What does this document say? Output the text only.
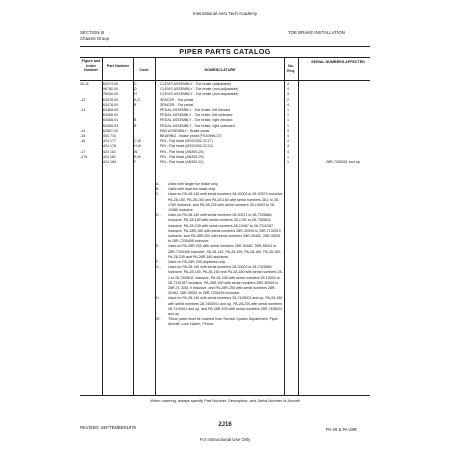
International Aero Tech Academy
SECTION III
Chassis Group
TOE BRAKE INSTALLATION
PIPER PARTS CATALOG
Figure and Index Number
Part Number
Code	NOMENCLATURE
No. Req.
SERIAL NUMBERS AFFECTED
40-11	63474-00	C	CLEVIS ASSEMBLY - Toe brake (adjustable)	4
96780-00	D	CLEVIS ASSEMBLY - Toe brake (non-adjustable)	4
78430-00	H	CLEVIS ASSEMBLY - Toe brake (non-adjustable)	4
-12	63478-00	A,G	SPACER - Toe pedal	2
63478-00	B	SPACER - Toe pedal	4
-13	63465-00	PEDAL ASSEMBLY - Toe brake, left inboard	1
63465-02	PEDAL ASSEMBLY - Toe brake, left outboard	1
63465-01	B	PEDAL ASSEMBLY - Toe brake, right inboard	1
63465-03	B	PEDAL ASSEMBLY - Toe brake, right outboard	1
-14	62667-02	PAD ASSEMBLY - Brake pedal	4
-15	453 714	BEARING - Brake pedal (FS10966-37)	4
-16	424 177	C,W	PIN - Flat head (MS20392-2C17)	4
424 176	H,W	PIN - Flat head (MS20392-2C13)	4
-17	424 181	W	PIN - Flat head (AN393-25)	4
-17a	424 181	E,W	PIN - Flat head (AN393-25)	1
424 184	F	PIN - Flat head (AN393-31)	1	28R-7435001 and up
A - Used with single toe brake only.
B - Used with dual toe brake only.
C - Used on PA-28-140 with serial numbers 28-20002 to 28-20370 inclusive, PA-28-150, PA-28-160 and PA-28-180 with serial numbers 28-1 to 28-1760 inclusive, and PA-28-235 with serial numbers 28-10003 to 28-10486 inclusive.
D - Used on PA-28-140 with serial numbers 28-20371 to 28-7325684 inclusive, PA-28-180 with serial numbers 28-1761 to 28-7305611 inclusive, PA-28-235 with serial numbers 28-10487 to 28-7310187 inclusive, PA-28R-180 with serial numbers 28R-30005 to 28R-7130019 inclusive, and PA-28R-200 with serial numbers 28R-30482, 28R-35001 to 28R-7335455 inclusive.
E - Used on PA-28R-200 with serial numbers 28R-30482, 28R-35001 to 28R-7335455 inclusive, PA-28-140, PA-28-150, PA-28-160, PA-28-180, PA-28-235 and PA-28R-180 airplanes.
F - Used on PA-28R-200 airplanes only.
G - Used on PA-28-140 with serial numbers 28-20003 to 28-7325684 inclusive, PA-28-150, PA-28-160 and PA-28-180 with serial numbers 28-1 to 28-7305611 inclusive, PA-28-235 with serial numbers 28-10003 to 28-7310187 inclusive, PA-28R-180 with serial numbers 28R-30005 to 28R-71 3001 9 inclusive, and PA-28R-200 with serial numbers 28R-30482, 28R-35001 to 28R-7335455 inclusive.
H - Used on PA-28-140 with serial numbers 28-7425001 and up, PA-28-180 with serial numbers 28-7405001 and up, PA-28-235 with serial numbers 28-7410001 and up, and PA-28R-200 with serial numbers 28R-7435001 and up.
W - These parts must be ordered from Service Spares Department, Piper Aircraft, Lock Haven, Penna.
When ordering, always specify Part Number, Description, and Serial Number of Aircraft
REVISED: SEPTEMBER1978	2J16
PA-28 & PA-28R
For Instructional Use Only
